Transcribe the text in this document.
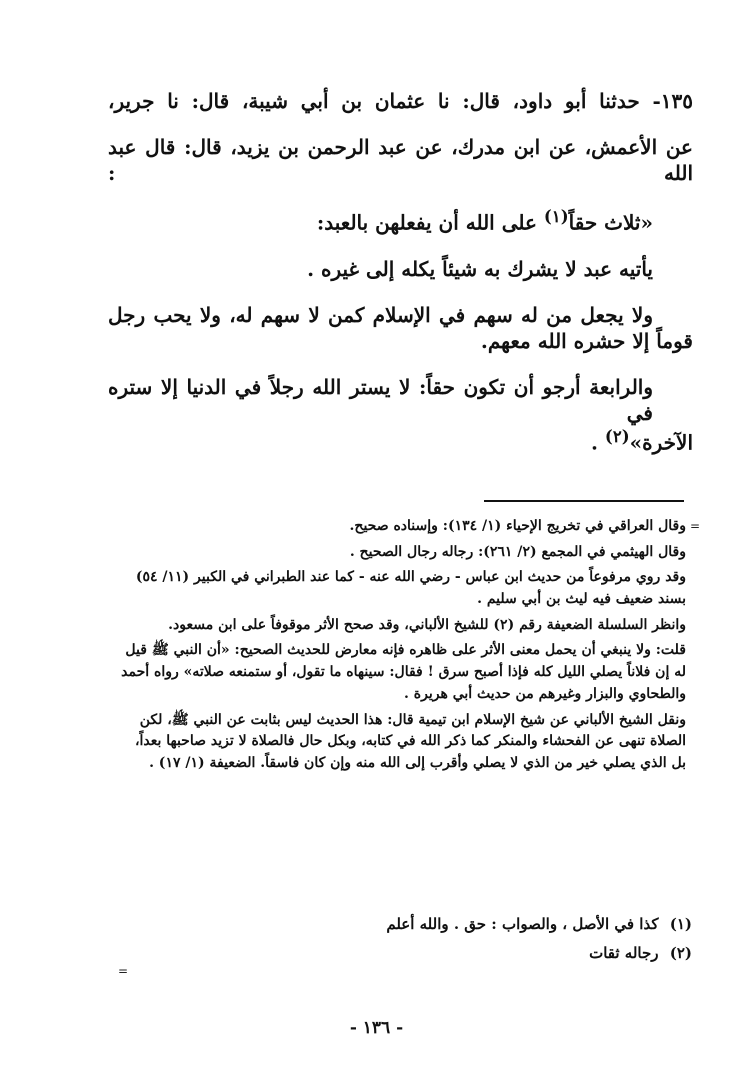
١٣٥- حدثنا أبو داود، قال: نا عثمان بن أبي شيبة، قال: نا جرير،

عن الأعمش، عن ابن مدرك، عن عبد الرحمن بن يزيد، قال: قال عبد الله :

«ثلاث حقاً$^{(١)}$ على الله أن يفعلهن بالعبد:

يأتيه عبد لا يشرك به شيئاً يكله إلى غيره .

ولا يجعل من له سهم في الإسلام كمن لا سهم له، ولا يحب رجل

قوماً إلا حشره الله معهم.

والرابعة أرجو أن تكون حقاً: لا يستر الله رجلاً في الدنيا إلا ستره في

الآخرة»$^{(٢)}$ .

=

وقال العراقي في تخريج الإحياء (١/ ١٣٤): وإسناده صحيح.

وقال الهيثمي في المجمع (٢/ ٢٦١): رجاله رجال الصحيح .

وقد روي مرفوعاً من حديث ابن عباس - رضي الله عنه - كما عند الطبراني في الكبير (١١/ ٥٤) بسند ضعيف فيه ليث بن أبي سليم .

وانظر السلسلة الضعيفة رقم (٢) للشيخ الألباني، وقد صحح الأثر موقوفاً على ابن مسعود.

قلت: ولا ينبغي أن يحمل معنى الأثر على ظاهره فإنه معارض للحديث الصحيح: «أن النبي ﷺ قيل له إن فلاناً يصلي الليل كله فإذا أصبح سرق ! فقال: سينهاه ما تقول، أو ستمنعه صلاته» رواه أحمد والطحاوي والبزار وغيرهم من حديث أبي هريرة .

ونقل الشيخ الألباني عن شيخ الإسلام ابن تيمية قال: هذا الحديث ليس بثابت عن النبي ﷺ، لكن الصلاة تنهى عن الفحشاء والمنكر كما ذكر الله في كتابه، وبكل حال فالصلاة لا تزيد صاحبها بعداً، بل الذي يصلي خير من الذي لا يصلي وأقرب إلى الله منه وإن كان فاسقاً. الضعيفة (١/ ١٧) .

(١) كذا في الأصل ، والصواب : حق . والله أعلم

(٢) رجاله ثقات

=
- ١٣٦ -
